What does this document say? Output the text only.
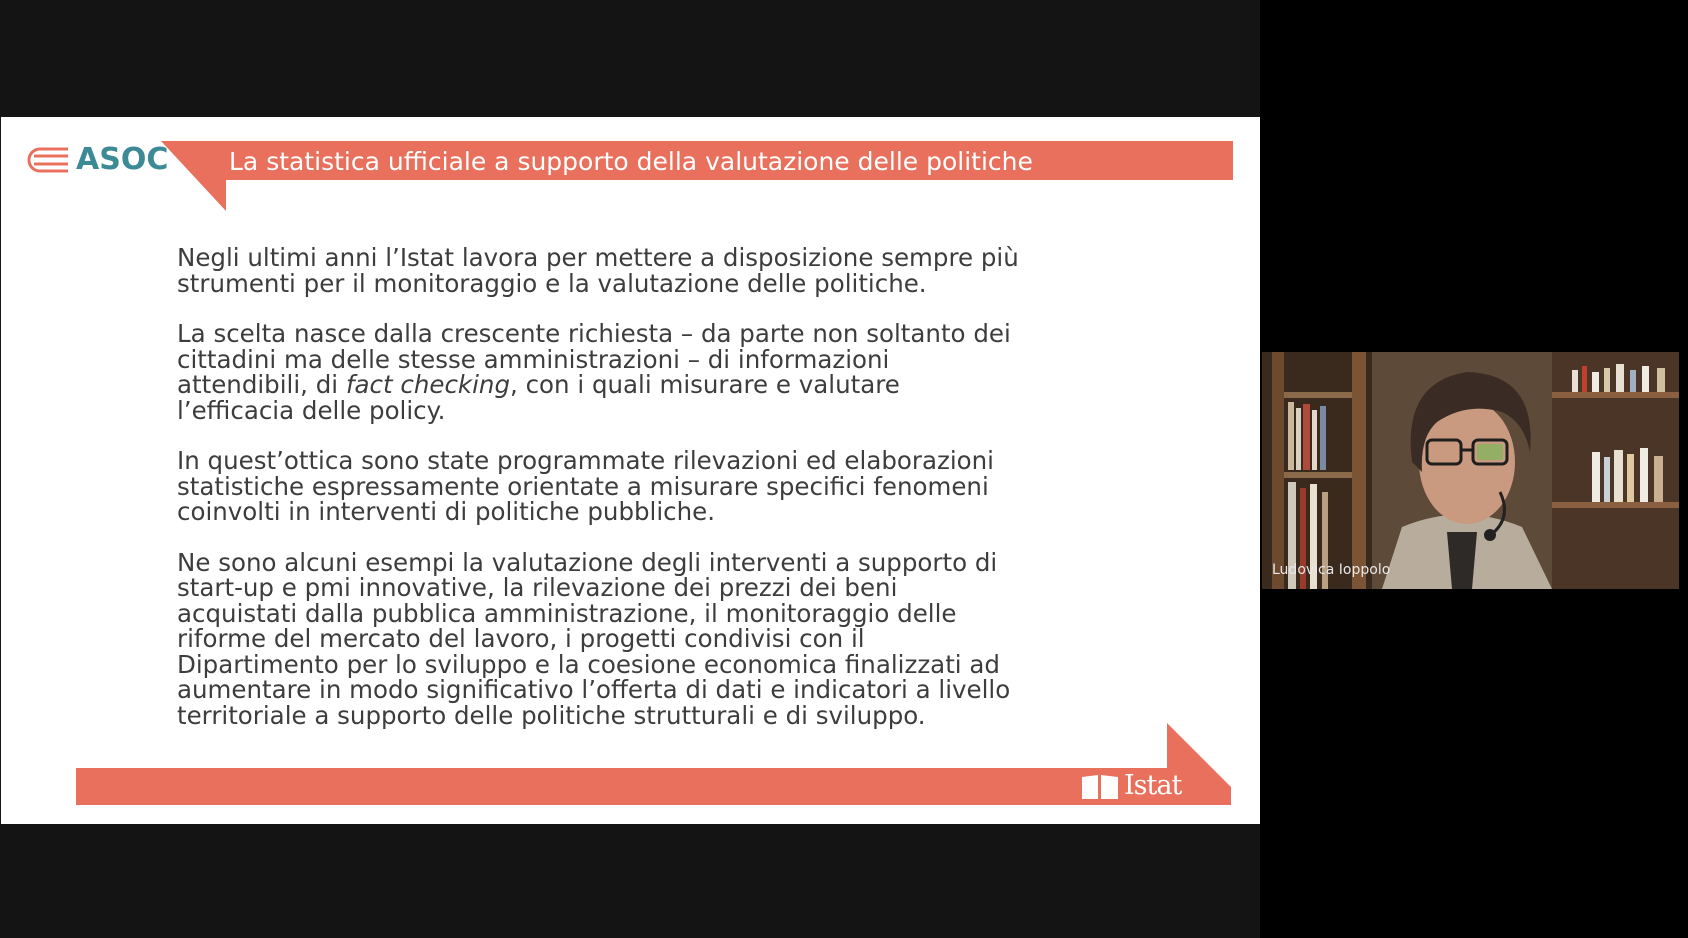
ASOC La statistica ufficiale a supporto della valutazione delle politiche

Negli ultimi anni l’Istat lavora per mettere a disposizione sempre più
strumenti per il monitoraggio e la valutazione delle politiche.

La scelta nasce dalla crescente richiesta – da parte non soltanto dei
cittadini ma delle stesse amministrazioni – di informazioni
attendibili, di fact checking, con i quali misurare e valutare
l’efficacia delle policy.

In quest’ottica sono state programmate rilevazioni ed elaborazioni
statistiche espressamente orientate a misurare specifici fenomeni
coinvolti in interventi di politiche pubbliche.

Ne sono alcuni esempi la valutazione degli interventi a supporto di
start-up e pmi innovative, la rilevazione dei prezzi dei beni
acquistati dalla pubblica amministrazione, il monitoraggio delle
riforme del mercato del lavoro, i progetti condivisi con il
Dipartimento per lo sviluppo e la coesione economica finalizzati ad
aumentare in modo significativo l’offerta di dati e indicatori a livello
territoriale a supporto delle politiche strutturali e di sviluppo.

Istat
Ludovica Ioppolo
